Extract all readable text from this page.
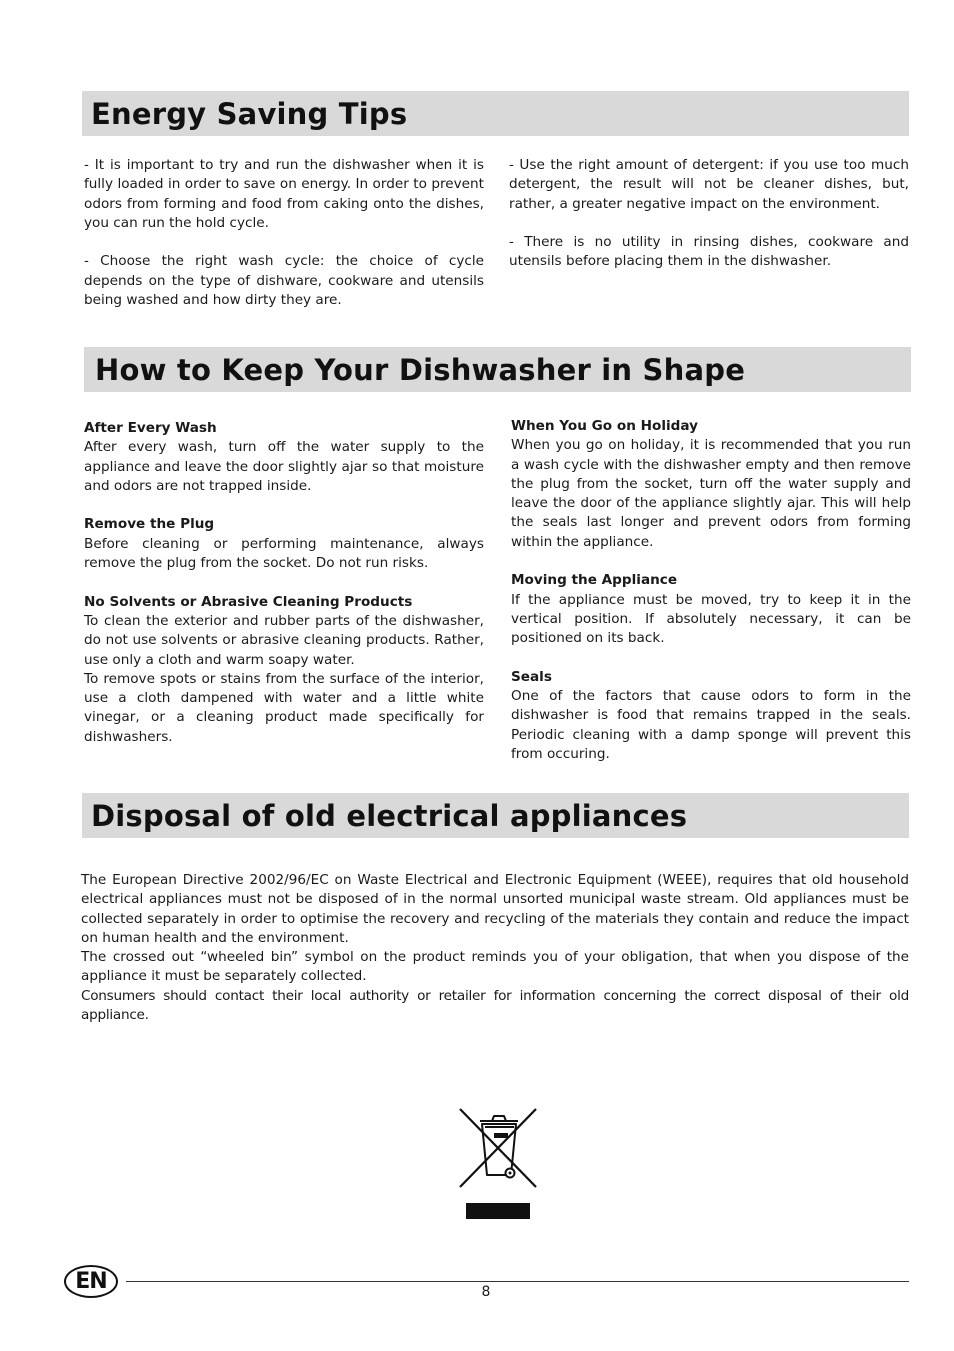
Energy Saving Tips

- It is important to try and run the dishwasher when it is fully loaded in order to save on energy. In order to prevent odors from forming and food from caking onto the dishes, you can run the hold cycle.

- Choose the right wash cycle: the choice of cycle depends on the type of dishware, cookware and utensils being washed and how dirty they are.

- Use the right amount of detergent: if you use too much detergent, the result will not be cleaner dishes, but, rather, a greater negative impact on the environment.

- There is no utility in rinsing dishes, cookware and utensils before placing them in the dishwasher.

How to Keep Your Dishwasher in Shape
After Every Wash

After every wash, turn off the water supply to the appliance and leave the door slightly ajar so that moisture and odors are not trapped inside.

Remove the Plug

Before cleaning or performing maintenance, always remove the plug from the socket. Do not run risks.

No Solvents or Abrasive Cleaning Products

To clean the exterior and rubber parts of the dishwasher, do not use solvents or abrasive cleaning products. Rather, use only a cloth and warm soapy water.

To remove spots or stains from the surface of the interior, use a cloth dampened with water and a little white vinegar, or a cleaning product made specifically for dishwashers.

When You Go on Holiday

When you go on holiday, it is recommended that you run a wash cycle with the dishwasher empty and then remove the plug from the socket, turn off the water supply and leave the door of the appliance slightly ajar. This will help the seals last longer and prevent odors from forming within the appliance.

Moving the Appliance

If the appliance must be moved, try to keep it in the vertical position. If absolutely necessary, it can be positioned on its back.

Seals

One of the factors that cause odors to form in the dishwasher is food that remains trapped in the seals. Periodic cleaning with a damp sponge will prevent this from occuring.

Disposal of old electrical appliances

The European Directive 2002/96/EC on Waste Electrical and Electronic Equipment (WEEE), requires that old household electrical appliances must not be disposed of in the normal unsorted municipal waste stream. Old appliances must be collected separately in order to optimise the recovery and recycling of the materials they contain and reduce the impact on human health and the environment.

The crossed out “wheeled bin” symbol on the product reminds you of your obligation, that when you dispose of the appliance it must be separately collected.

Consumers should contact their local authority or retailer for information concerning the correct disposal of their old appliance.

EN	8
